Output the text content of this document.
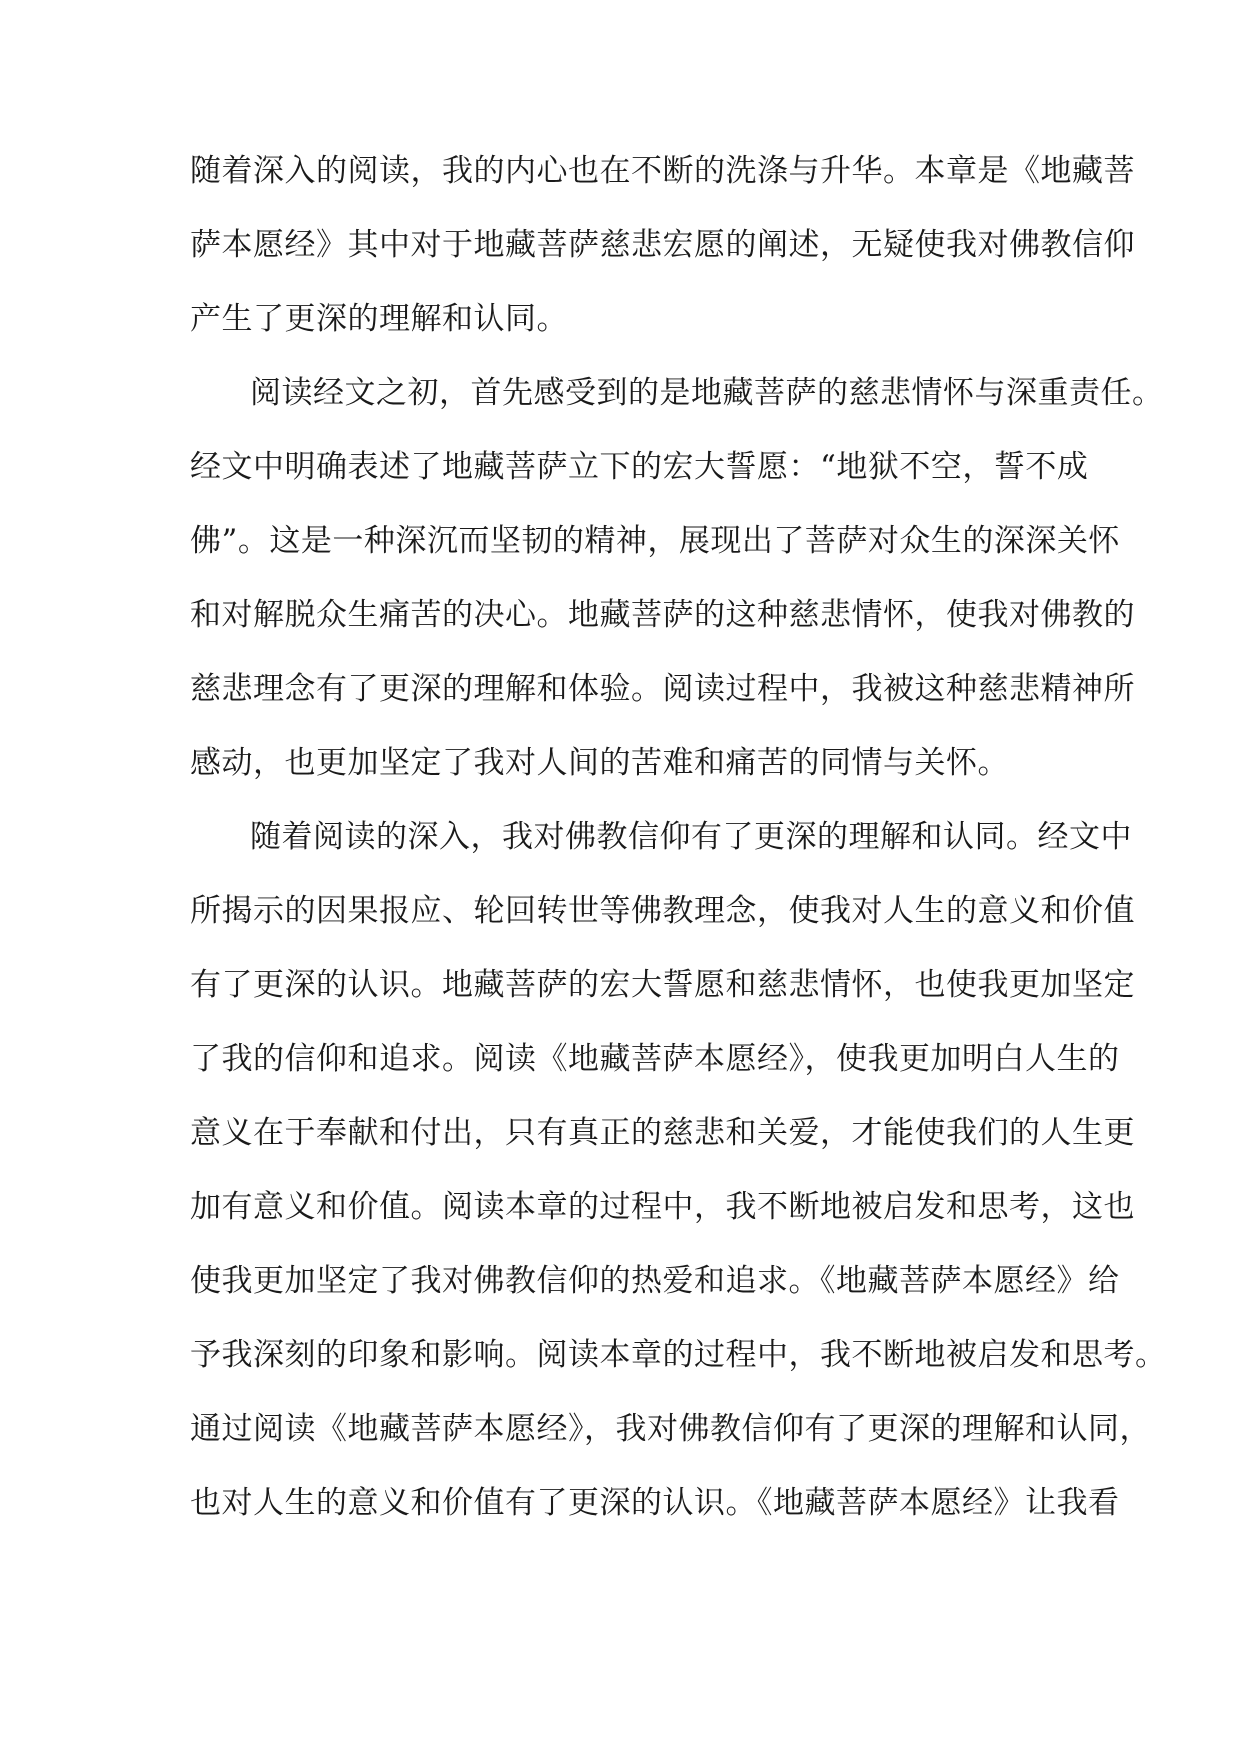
随着深入的阅读，我的内心也在不断的洗涤与升华。本章是《地藏菩
萨本愿经》其中对于地藏菩萨慈悲宏愿的阐述，无疑使我对佛教信仰
产生了更深的理解和认同。
阅读经文之初，首先感受到的是地藏菩萨的慈悲情怀与深重责任。
经文中明确表述了地藏菩萨立下的宏大誓愿：“地狱不空，誓不成
佛”。这是一种深沉而坚韧的精神，展现出了菩萨对众生的深深关怀
和对解脱众生痛苦的决心。地藏菩萨的这种慈悲情怀，使我对佛教的
慈悲理念有了更深的理解和体验。阅读过程中，我被这种慈悲精神所
感动，也更加坚定了我对人间的苦难和痛苦的同情与关怀。
随着阅读的深入，我对佛教信仰有了更深的理解和认同。经文中
所揭示的因果报应、轮回转世等佛教理念，使我对人生的意义和价值
有了更深的认识。地藏菩萨的宏大誓愿和慈悲情怀，也使我更加坚定
了我的信仰和追求。阅读《地藏菩萨本愿经》，使我更加明白人生的
意义在于奉献和付出，只有真正的慈悲和关爱，才能使我们的人生更
加有意义和价值。阅读本章的过程中，我不断地被启发和思考，这也
使我更加坚定了我对佛教信仰的热爱和追求。《地藏菩萨本愿经》给
予我深刻的印象和影响。阅读本章的过程中，我不断地被启发和思考。
通过阅读《地藏菩萨本愿经》，我对佛教信仰有了更深的理解和认同，
也对人生的意义和价值有了更深的认识。《地藏菩萨本愿经》让我看
